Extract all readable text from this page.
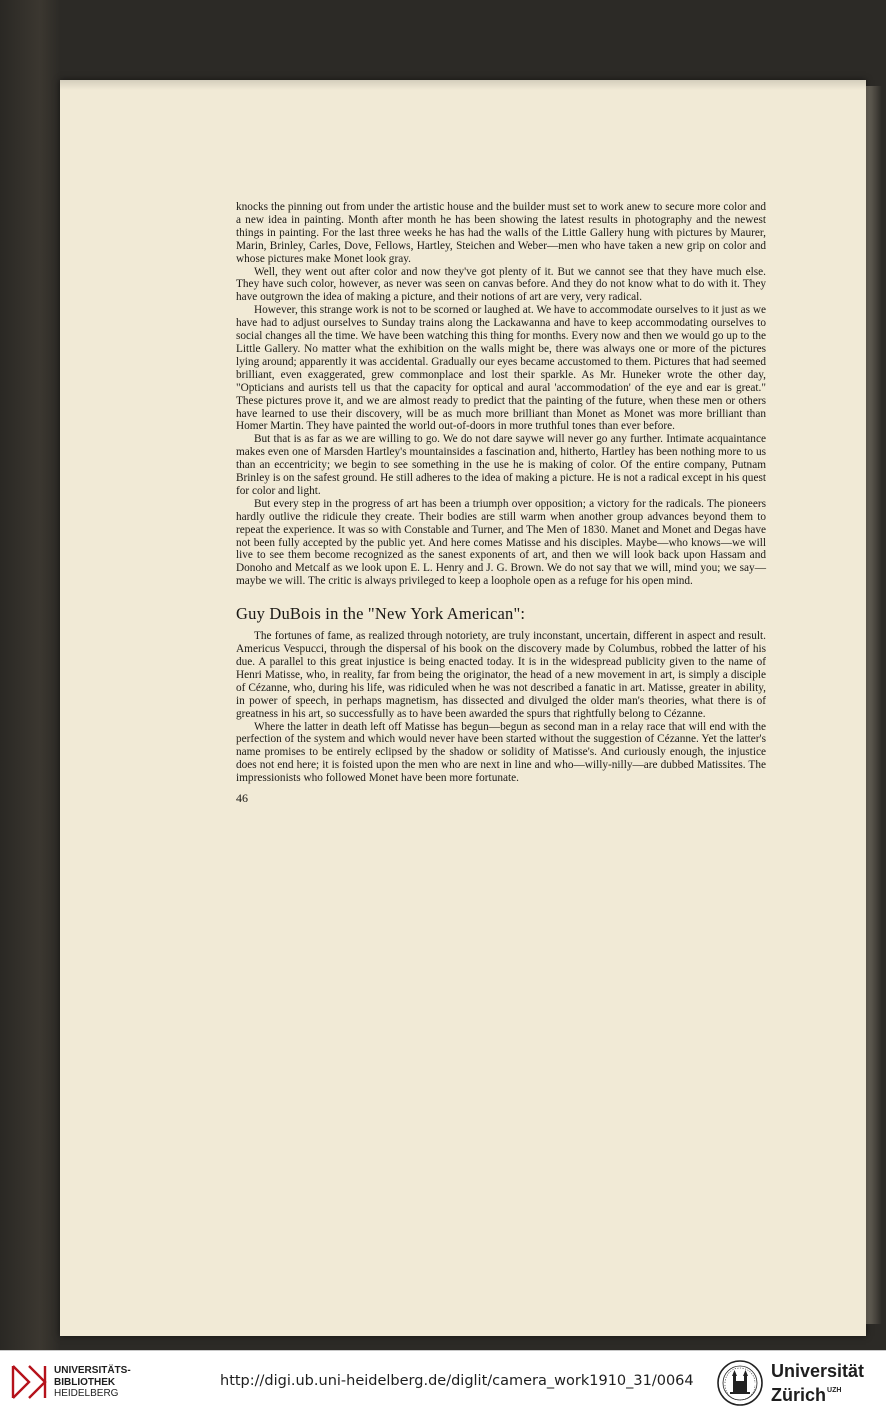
knocks the pinning out from under the artistic house and the builder must set to work anew to secure more color and a new idea in painting. Month after month he has been showing the latest results in photography and the newest things in painting. For the last three weeks he has had the walls of the Little Gallery hung with pictures by Maurer, Marin, Brinley, Carles, Dove, Fellows, Hartley, Steichen and Weber—men who have taken a new grip on color and whose pictures make Monet look gray.

Well, they went out after color and now they've got plenty of it. But we cannot see that they have much else. They have such color, however, as never was seen on canvas before. And they do not know what to do with it. They have outgrown the idea of making a picture, and their notions of art are very, very radical.

However, this strange work is not to be scorned or laughed at. We have to accommodate ourselves to it just as we have had to adjust ourselves to Sunday trains along the Lackawanna and have to keep accommodating ourselves to social changes all the time. We have been watching this thing for months. Every now and then we would go up to the Little Gallery. No matter what the exhibition on the walls might be, there was always one or more of the pictures lying around; apparently it was accidental. Gradually our eyes became accustomed to them. Pictures that had seemed brilliant, even exaggerated, grew commonplace and lost their sparkle. As Mr. Huneker wrote the other day, "Opticians and aurists tell us that the capacity for optical and aural 'accommodation' of the eye and ear is great." These pictures prove it, and we are almost ready to predict that the painting of the future, when these men or others have learned to use their discovery, will be as much more brilliant than Monet as Monet was more brilliant than Homer Martin. They have painted the world out-of-doors in more truthful tones than ever before.

But that is as far as we are willing to go. We do not dare saywe will never go any further. Intimate acquaintance makes even one of Marsden Hartley's mountainsides a fascination and, hitherto, Hartley has been nothing more to us than an eccentricity; we begin to see something in the use he is making of color. Of the entire company, Putnam Brinley is on the safest ground. He still adheres to the idea of making a picture. He is not a radical except in his quest for color and light.

But every step in the progress of art has been a triumph over opposition; a victory for the radicals. The pioneers hardly outlive the ridicule they create. Their bodies are still warm when another group advances beyond them to repeat the experience. It was so with Constable and Turner, and The Men of 1830. Manet and Monet and Degas have not been fully accepted by the public yet. And here comes Matisse and his disciples. Maybe—who knows—we will live to see them become recognized as the sanest exponents of art, and then we will look back upon Hassam and Donoho and Metcalf as we look upon E. L. Henry and J. G. Brown. We do not say that we will, mind you; we say—maybe we will. The critic is always privileged to keep a loophole open as a refuge for his open mind.

Guy DuBois in the "New York American":

The fortunes of fame, as realized through notoriety, are truly inconstant, uncertain, different in aspect and result. Americus Vespucci, through the dispersal of his book on the discovery made by Columbus, robbed the latter of his due. A parallel to this great injustice is being enacted today. It is in the widespread publicity given to the name of Henri Matisse, who, in reality, far from being the originator, the head of a new movement in art, is simply a disciple of Cézanne, who, during his life, was ridiculed when he was not described a fanatic in art. Matisse, greater in ability, in power of speech, in perhaps magnetism, has dissected and divulged the older man's theories, what there is of greatness in his art, so successfully as to have been awarded the spurs that rightfully belong to Cézanne.

Where the latter in death left off Matisse has begun—begun as second man in a relay race that will end with the perfection of the system and which would never have been started without the suggestion of Cézanne. Yet the latter's name promises to be entirely eclipsed by the shadow or solidity of Matisse's. And curiously enough, the injustice does not end here; it is foisted upon the men who are next in line and who—willy-nilly—are dubbed Matissites. The impressionists who followed Monet have been more fortunate.

46
UNIVERSITÄTS-
BIBLIOTHEK
HEIDELBERG
http://digi.ub.uni-heidelberg.de/diglit/camera_work1910_31/0064	Universität
Zürich$^{UZH}$
